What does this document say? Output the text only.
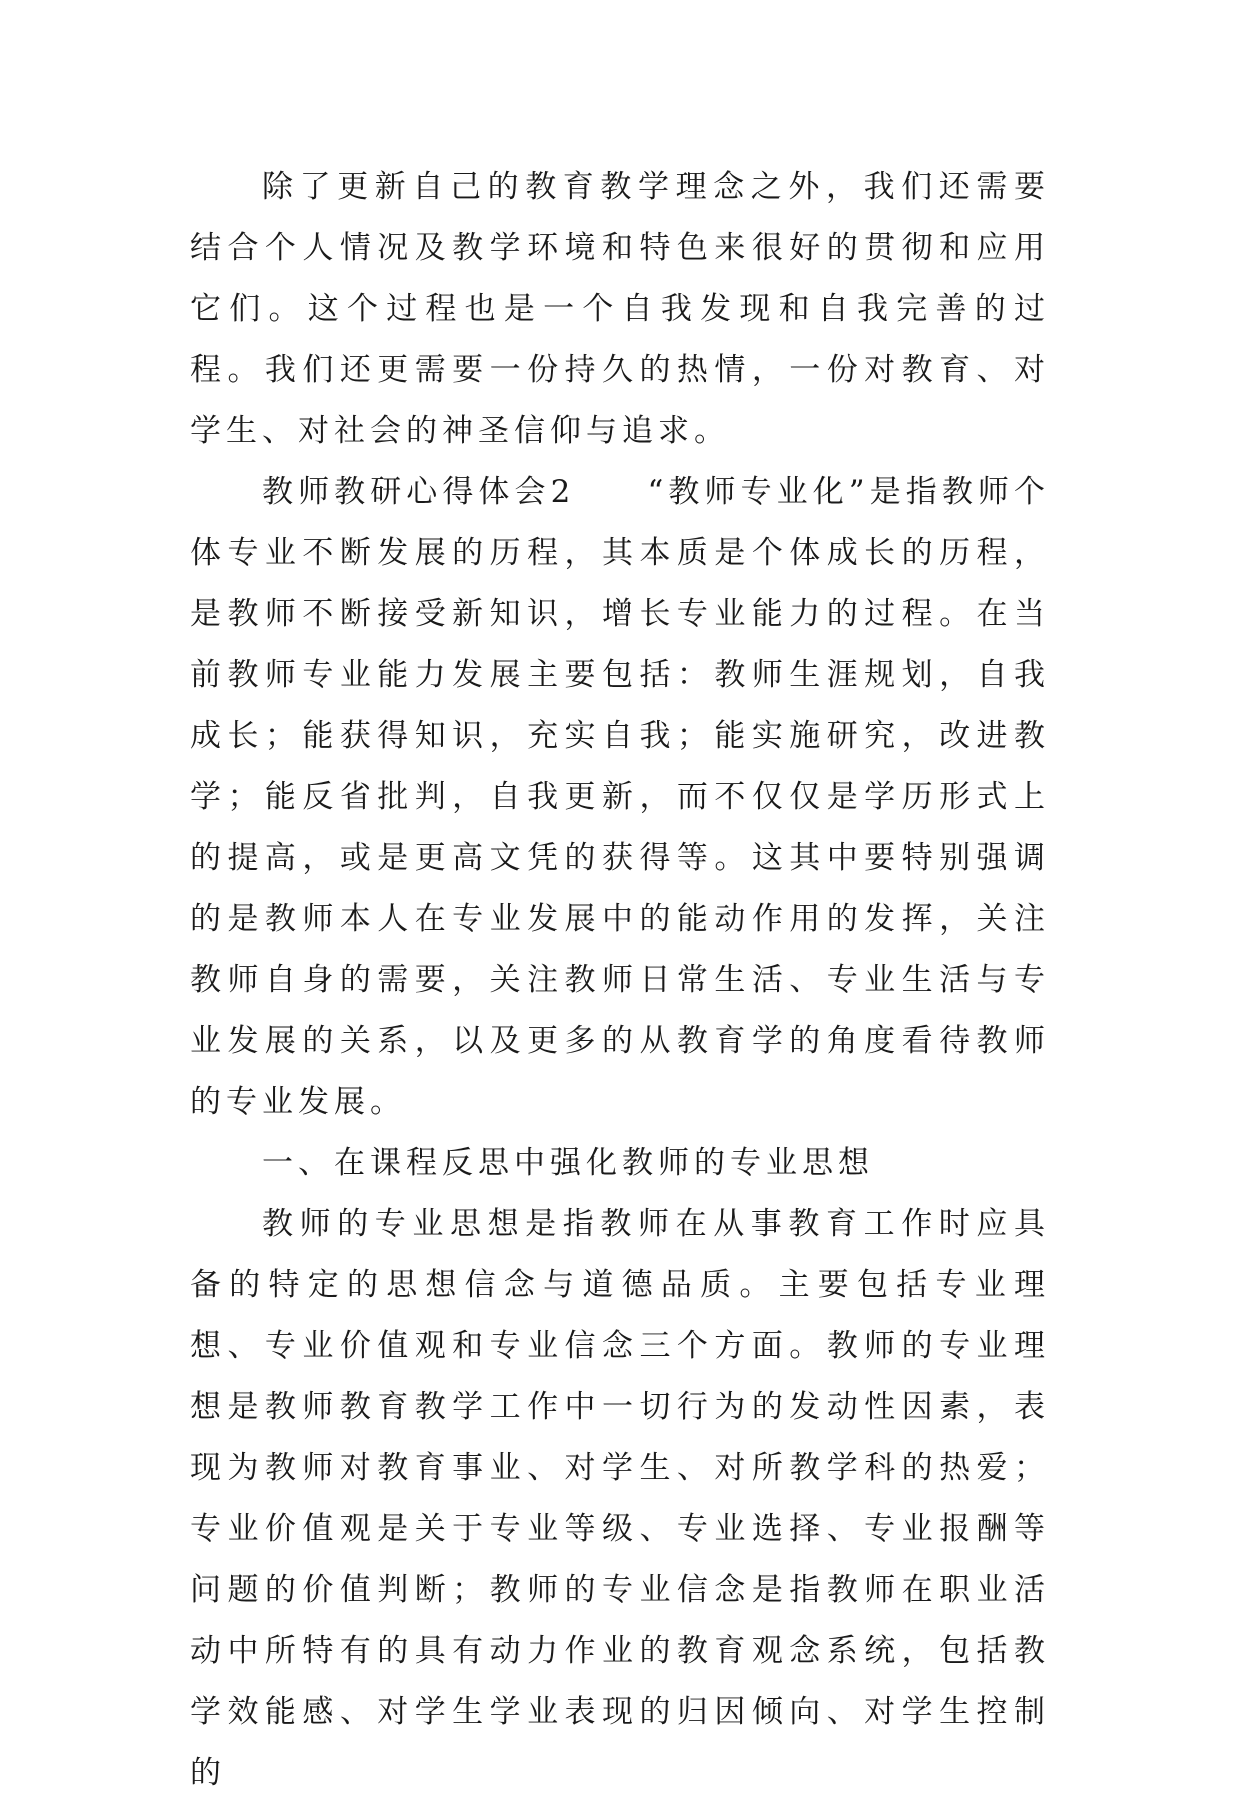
除了更新自己的教育教学理念之外，我们还需要结合个人情况及教学环境和特色来很好的贯彻和应用它们。这个过程也是一个自我发现和自我完善的过程。我们还更需要一份持久的热情，一份对教育、对学生、对社会的神圣信仰与追求。

教师教研心得体会2　　“教师专业化”是指教师个体专业不断发展的历程，其本质是个体成长的历程，是教师不断接受新知识，增长专业能力的过程。在当前教师专业能力发展主要包括：教师生涯规划，自我成长；能获得知识，充实自我；能实施研究，改进教学；能反省批判，自我更新，而不仅仅是学历形式上的提高，或是更高文凭的获得等。这其中要特别强调的是教师本人在专业发展中的能动作用的发挥，关注教师自身的需要，关注教师日常生活、专业生活与专业发展的关系，以及更多的从教育学的角度看待教师的专业发展。

一、在课程反思中强化教师的专业思想

教师的专业思想是指教师在从事教育工作时应具备的特定的思想信念与道德品质。主要包括专业理想、专业价值观和专业信念三个方面。教师的专业理想是教师教育教学工作中一切行为的发动性因素，表现为教师对教育事业、对学生、对所教学科的热爱；专业价值观是关于专业等级、专业选择、专业报酬等问题的价值判断；教师的专业信念是指教师在职业活动中所特有的具有动力作业的教育观念系统，包括教学效能感、对学生学业表现的归因倾向、对学生控制的
